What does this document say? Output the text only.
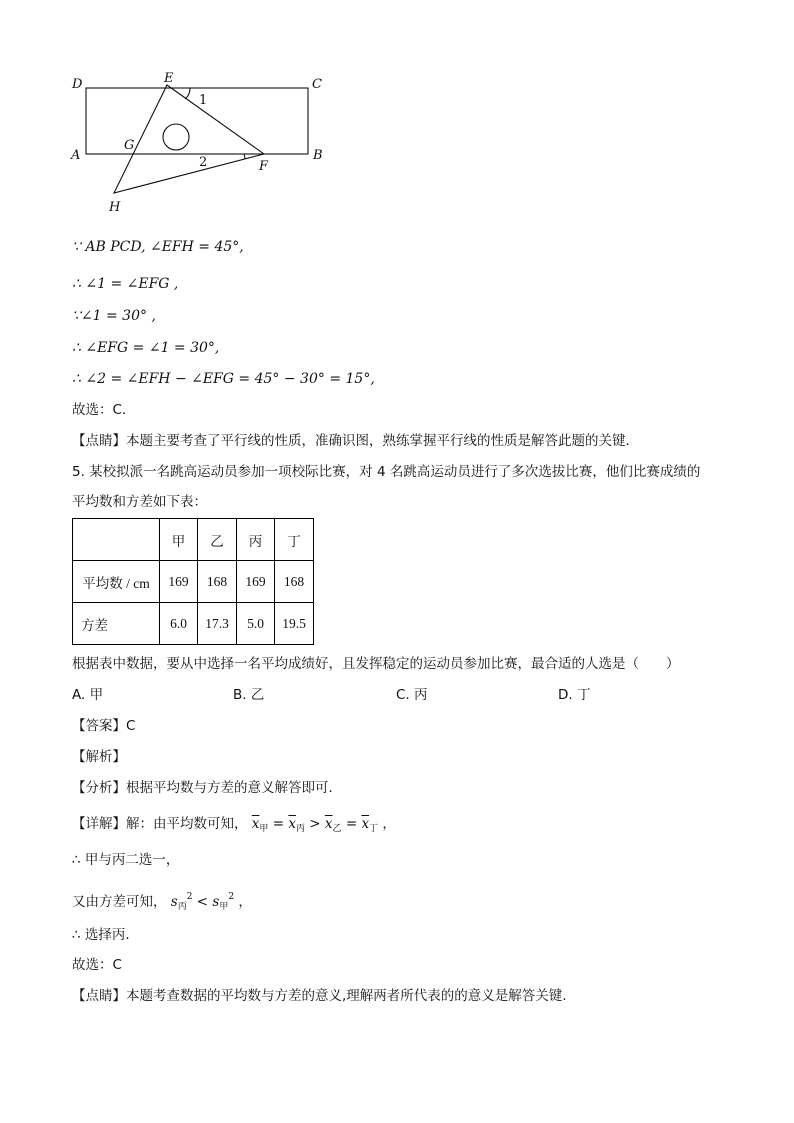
D	E	C
A
G
F
B
H
1
2
∵ AB PCD, ∠EFH = 45°,
∴ ∠1 = ∠EFG ,
∵∠1 = 30° ,
∴ ∠EFG = ∠1 = 30°,
∴ ∠2 = ∠EFH − ∠EFG = 45° − 30° = 15°,
故选：C．
【点睛】本题主要考查了平行线的性质，准确识图，熟练掌握平行线的性质是解答此题的关键．
5. 某校拟派一名跳高运动员参加一项校际比赛，对 4 名跳高运动员进行了多次选拔比赛，他们比赛成绩的
平均数和方差如下表：
	甲	乙	丙	丁
平均数 / cm	169	168	169	168
方差	6.0	17.3	5.0	19.5
根据表中数据，要从中选择一名平均成绩好，且发挥稳定的运动员参加比赛，最合适的人选是（　　）
A. 甲	B. 乙	C. 丙	D. 丁
【答案】C
【解析】
【分析】根据平均数与方差的意义解答即可．
【详解】解：由平均数可知， $\overline{x}_甲 = \overline{x}_丙 > \overline{x}_乙 = \overline{x}_丁$ ，
∴ 甲与丙二选一，
又由方差可知， $s_丙^2 < s_甲^2$ ，
∴ 选择丙．
故选：C
【点睛】本题考查数据的平均数与方差的意义,理解两者所代表的的意义是解答关键.
